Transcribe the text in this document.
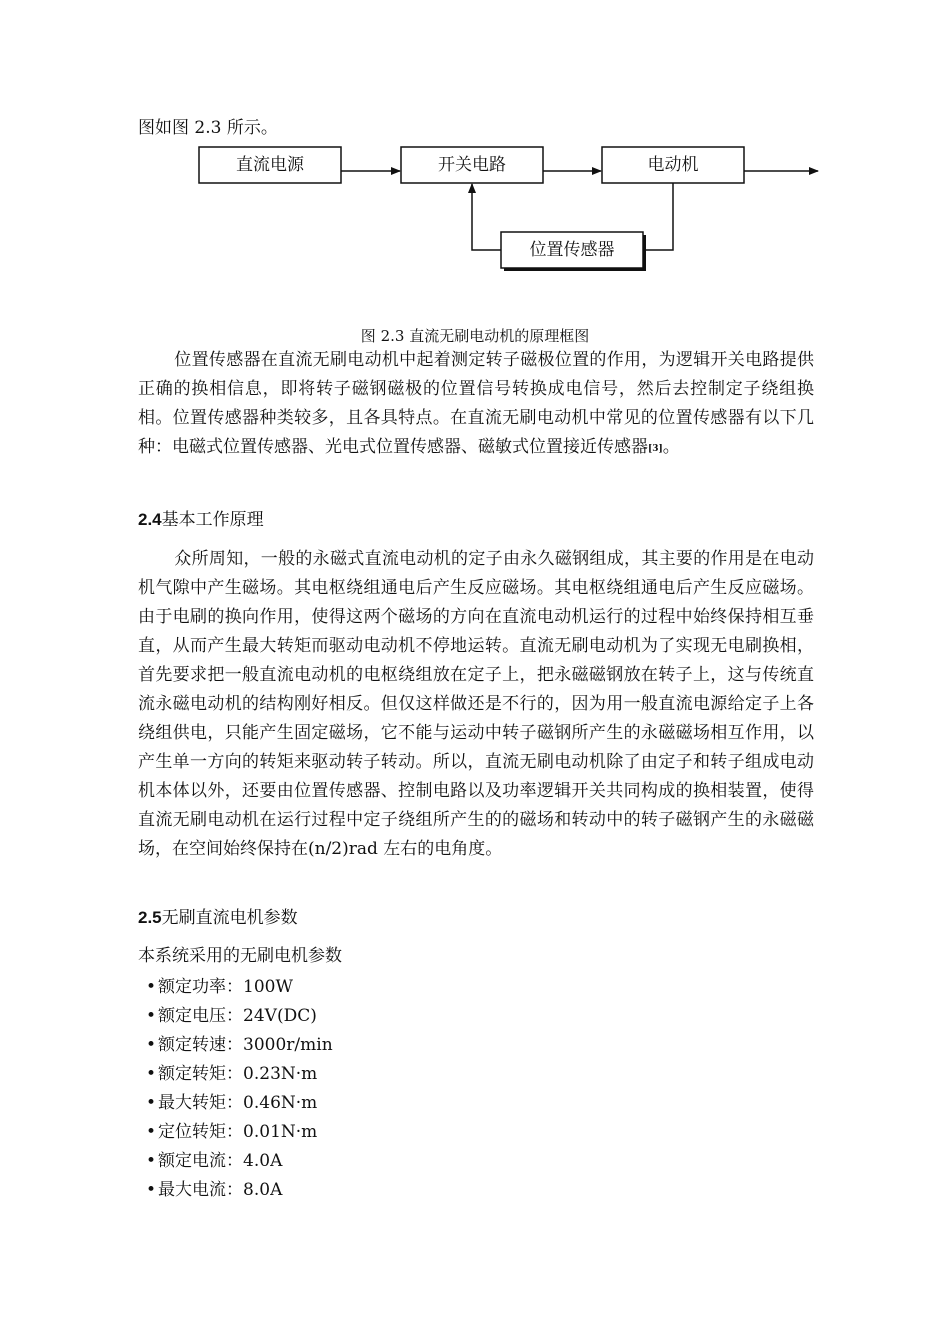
图如图 2.3 所示。
直流电源	开关电路	电动机
位置传感器
图 2.3 直流无刷电动机的原理框图
位置传感器在直流无刷电动机中起着测定转子磁极位置的作用，为逻辑开关电路提供正确的换相信息，即将转子磁钢磁极的位置信号转换成电信号，然后去控制定子绕组换相。位置传感器种类较多，且各具特点。在直流无刷电动机中常见的位置传感器有以下几种：电磁式位置传感器、光电式位置传感器、磁敏式位置接近传感器[3]。
2.4基本工作原理
众所周知，一般的永磁式直流电动机的定子由永久磁钢组成，其主要的作用是在电动机气隙中产生磁场。其电枢绕组通电后产生反应磁场。其电枢绕组通电后产生反应磁场。由于电刷的换向作用，使得这两个磁场的方向在直流电动机运行的过程中始终保持相互垂直，从而产生最大转矩而驱动电动机不停地运转。直流无刷电动机为了实现无电刷换相，首先要求把一般直流电动机的电枢绕组放在定子上，把永磁磁钢放在转子上，这与传统直流永磁电动机的结构刚好相反。但仅这样做还是不行的，因为用一般直流电源给定子上各绕组供电，只能产生固定磁场，它不能与运动中转子磁钢所产生的永磁磁场相互作用，以产生单一方向的转矩来驱动转子转动。所以，直流无刷电动机除了由定子和转子组成电动机本体以外，还要由位置传感器、控制电路以及功率逻辑开关共同构成的换相装置，使得直流无刷电动机在运行过程中定子绕组所产生的的磁场和转动中的转子磁钢产生的永磁磁场，在空间始终保持在(n/2)rad 左右的电角度。
2.5无刷直流电机参数
本系统采用的无刷电机参数
• 额定功率：100W
• 额定电压：24V(DC)
• 额定转速：3000r/min
• 额定转矩：0.23N·m
• 最大转矩：0.46N·m
• 定位转矩：0.01N·m
• 额定电流：4.0A
• 最大电流：8.0A
